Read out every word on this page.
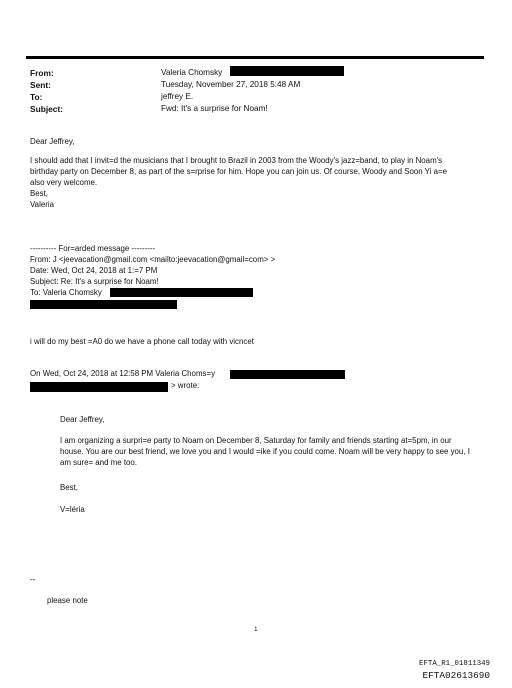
From:	Valeria Chomsky
Sent:	Tuesday, November 27, 2018 5:48 AM
To:	jeffrey E.
Subject:	Fwd: It's a surprise for Noam!
Dear Jeffrey,
I should add that I invit=d the musicians that I brought to Brazil in 2003 from the Woody's jazz=band, to play in Noam's
birthday party on December 8, as part of the s=rprise for him. Hope you can join us. Of course, Woody and Soon Yi a=e
also very welcome.
Best,
Valeria
---------- For=arded message ---------
From: J <jeevacation@gmail.com <mailto:jeevacation@gmail=com> >
Date: Wed, Oct 24, 2018 at 1:=7 PM
Subject: Re: It's a surprise for Noam!
To: Valeria Chomsky
i will do my best =A0 do we have a phone call today with vicncet
On Wed, Oct 24, 2018 at 12:58 PM Valeria Choms=y
> wrote:
Dear Jeffrey,
I am organizing a surpri=e party to Noam on December 8, Saturday for family and friends starting at=5pm, in our
house. You are our best friend, we love you and I would =ike if you could come. Noam will be very happy to see you, I
am sure= and me too.
Best,
V=léria
--
please note
1
EFTA_R1_01811349
EFTA02613690
